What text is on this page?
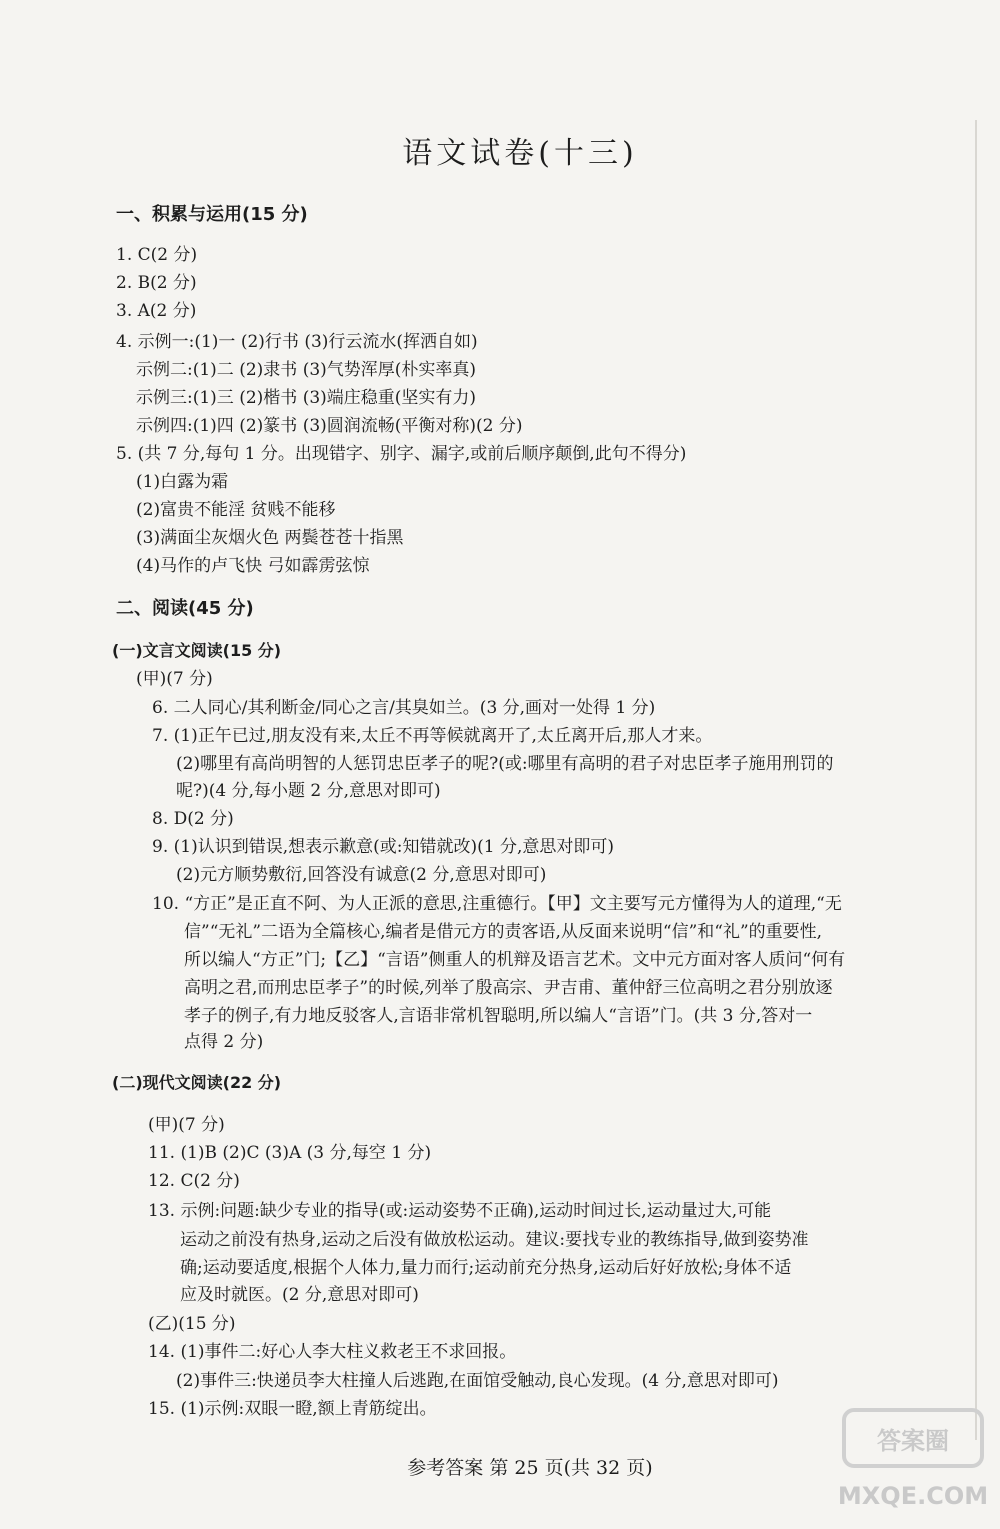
语文试卷(十三)
一、积累与运用(15 分)
1. C(2 分)
2. B(2 分)
3. A(2 分)
4. 示例一:(1)一 (2)行书 (3)行云流水(挥洒自如)
示例二:(1)二 (2)隶书 (3)气势浑厚(朴实率真)
示例三:(1)三 (2)楷书 (3)端庄稳重(坚实有力)
示例四:(1)四 (2)篆书 (3)圆润流畅(平衡对称)(2 分)
5. (共 7 分,每句 1 分。出现错字、别字、漏字,或前后顺序颠倒,此句不得分)
(1)白露为霜
(2)富贵不能淫 贫贱不能移
(3)满面尘灰烟火色 两鬓苍苍十指黑
(4)马作的卢飞快 弓如霹雳弦惊
二、阅读(45 分)
(一)文言文阅读(15 分)
(甲)(7 分)
6. 二人同心/其利断金/同心之言/其臭如兰。(3 分,画对一处得 1 分)
7. (1)正午已过,朋友没有来,太丘不再等候就离开了,太丘离开后,那人才来。
(2)哪里有高尚明智的人惩罚忠臣孝子的呢?(或:哪里有高明的君子对忠臣孝子施用刑罚的
呢?)(4 分,每小题 2 分,意思对即可)
8. D(2 分)
9. (1)认识到错误,想表示歉意(或:知错就改)(1 分,意思对即可)
(2)元方顺势敷衍,回答没有诚意(2 分,意思对即可)
10. “方正”是正直不阿、为人正派的意思,注重德行。【甲】文主要写元方懂得为人的道理,“无
信”“无礼”二语为全篇核心,编者是借元方的责客语,从反面来说明“信”和“礼”的重要性,
所以编人“方正”门;【乙】“言语”侧重人的机辩及语言艺术。文中元方面对客人质问“何有
高明之君,而刑忠臣孝子”的时候,列举了殷高宗、尹吉甫、董仲舒三位高明之君分别放逐
孝子的例子,有力地反驳客人,言语非常机智聪明,所以编人“言语”门。(共 3 分,答对一
点得 2 分)
(二)现代文阅读(22 分)
(甲)(7 分)
11. (1)B (2)C (3)A (3 分,每空 1 分)
12. C(2 分)
13. 示例:问题:缺少专业的指导(或:运动姿势不正确),运动时间过长,运动量过大,可能
运动之前没有热身,运动之后没有做放松运动。建议:要找专业的教练指导,做到姿势准
确;运动要适度,根据个人体力,量力而行;运动前充分热身,运动后好好放松;身体不适
应及时就医。(2 分,意思对即可)
(乙)(15 分)
14. (1)事件二:好心人李大柱义救老王不求回报。
(2)事件三:快递员李大柱撞人后逃跑,在面馆受触动,良心发现。(4 分,意思对即可)
15. (1)示例:双眼一瞪,额上青筋绽出。
参考答案 第 25 页(共 32 页)
答案圈
MXQE.COM
